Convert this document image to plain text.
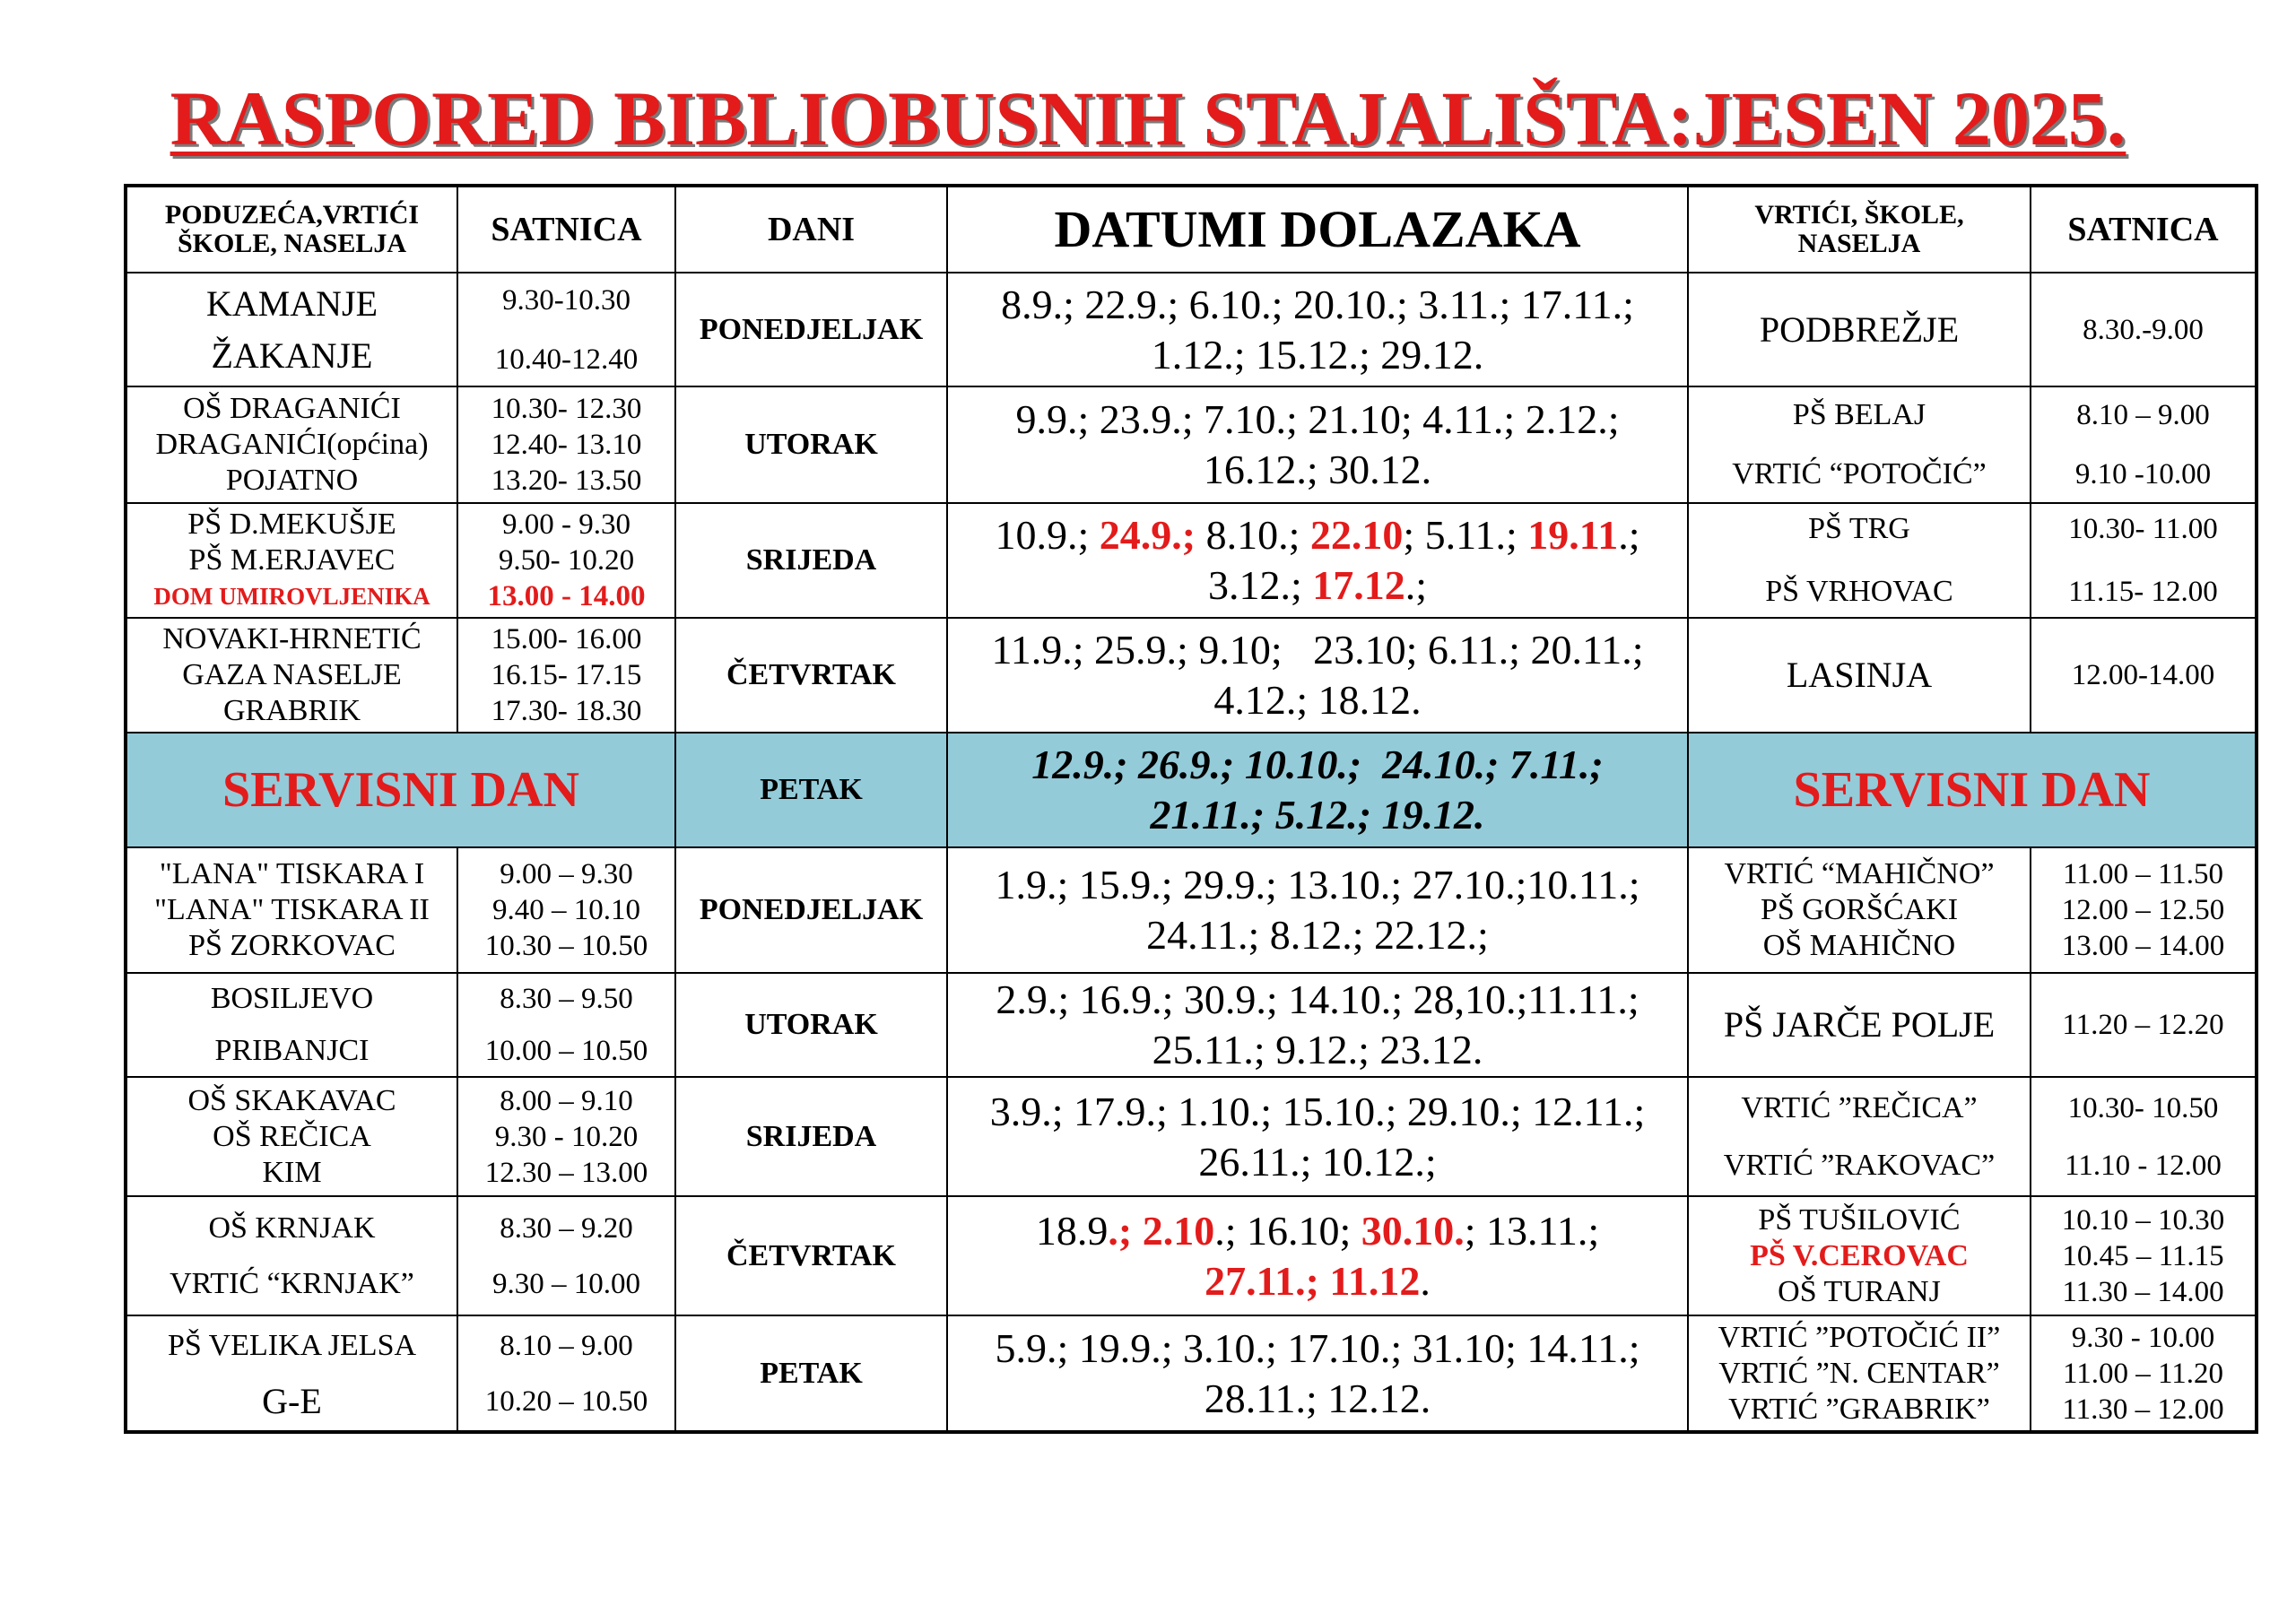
RASPORED BIBLIOBUSNIH STAJALIŠTA:JESEN 2025.
PODUZEĆA,VRTIĆI
ŠKOLE, NASELJA	SATNICA	DANI	DATUMI DOLAZAKA	VRTIĆI, ŠKOLE,
NASELJA	SATNICA

KAMANJE
ŽAKANJE	9.30-10.30
10.40-12.40	PONEDJELJAK	8.9.; 22.9.; 6.10.; 20.10.; 3.11.; 17.11.;
1.12.; 15.12.; 29.12.	PODBREŽJE	8.30.-9.00

OŠ DRAGANIĆI
DRAGANIĆI(općina)
POJATNO	10.30- 12.30
12.40- 13.10
13.20- 13.50	UTORAK	9.9.; 23.9.; 7.10.; 21.10; 4.11.; 2.12.;
16.12.; 30.12.	PŠ BELAJ
VRTIĆ “POTOČIĆ”	8.10 – 9.00
9.10 -10.00

PŠ D.MEKUŠJE
PŠ M.ERJAVEC
DOM UMIROVLJENIKA	9.00 - 9.30
9.50- 10.20
13.00 - 14.00	SRIJEDA	10.9.; 24.9.; 8.10.; 22.10; 5.11.; 19.11.;
3.12.; 17.12.;	PŠ TRG
PŠ VRHOVAC	10.30- 11.00
11.15- 12.00

NOVAKI-HRNETIĆ
GAZA NASELJE
GRABRIK	15.00- 16.00
16.15- 17.15
17.30- 18.30	ČETVRTAK	11.9.; 25.9.; 9.10;   23.10; 6.11.; 20.11.;
4.12.; 18.12.	LASINJA	12.00-14.00

SERVISNI DAN		PETAK	12.9.; 26.9.; 10.10.;  24.10.; 7.11.;
21.11.; 5.12.; 19.12.	SERVISNI DAN	

"LANA" TISKARA I
"LANA" TISKARA II
PŠ ZORKOVAC	9.00 – 9.30
9.40 – 10.10
10.30 – 10.50	PONEDJELJAK	1.9.; 15.9.; 29.9.; 13.10.; 27.10.;10.11.;
24.11.; 8.12.; 22.12.;	VRTIĆ “MAHIČNO”
PŠ GORŠĆAKI
OŠ MAHIČNO	11.00 – 11.50
12.00 – 12.50
13.00 – 14.00

BOSILJEVO
PRIBANJCI	8.30 – 9.50
10.00 – 10.50	UTORAK	2.9.; 16.9.; 30.9.; 14.10.; 28,10.;11.11.;
25.11.; 9.12.; 23.12.	PŠ JARČE POLJE	11.20 – 12.20

OŠ SKAKAVAC
OŠ REČICA
KIM	8.00 – 9.10
9.30 - 10.20
12.30 – 13.00	SRIJEDA	3.9.; 17.9.; 1.10.; 15.10.; 29.10.; 12.11.;
26.11.; 10.12.;	VRTIĆ ”REČICA”
VRTIĆ ”RAKOVAC”	10.30- 10.50
11.10 - 12.00

OŠ KRNJAK
VRTIĆ “KRNJAK”	8.30 – 9.20
9.30 – 10.00	ČETVRTAK	18.9.; 2.10.; 16.10; 30.10.; 13.11.;
27.11.; 11.12.	PŠ TUŠILOVIĆ
PŠ V.CEROVAC
OŠ TURANJ	10.10 – 10.30
10.45 – 11.15
11.30 – 14.00

PŠ VELIKA JELSA
G-E	8.10 – 9.00
10.20 – 10.50	PETAK	5.9.; 19.9.; 3.10.; 17.10.; 31.10; 14.11.;
28.11.; 12.12.	VRTIĆ ”POTOČIĆ II”
VRTIĆ ”N. CENTAR”
VRTIĆ ”GRABRIK”	9.30 - 10.00
11.00 – 11.20
11.30 – 12.00
